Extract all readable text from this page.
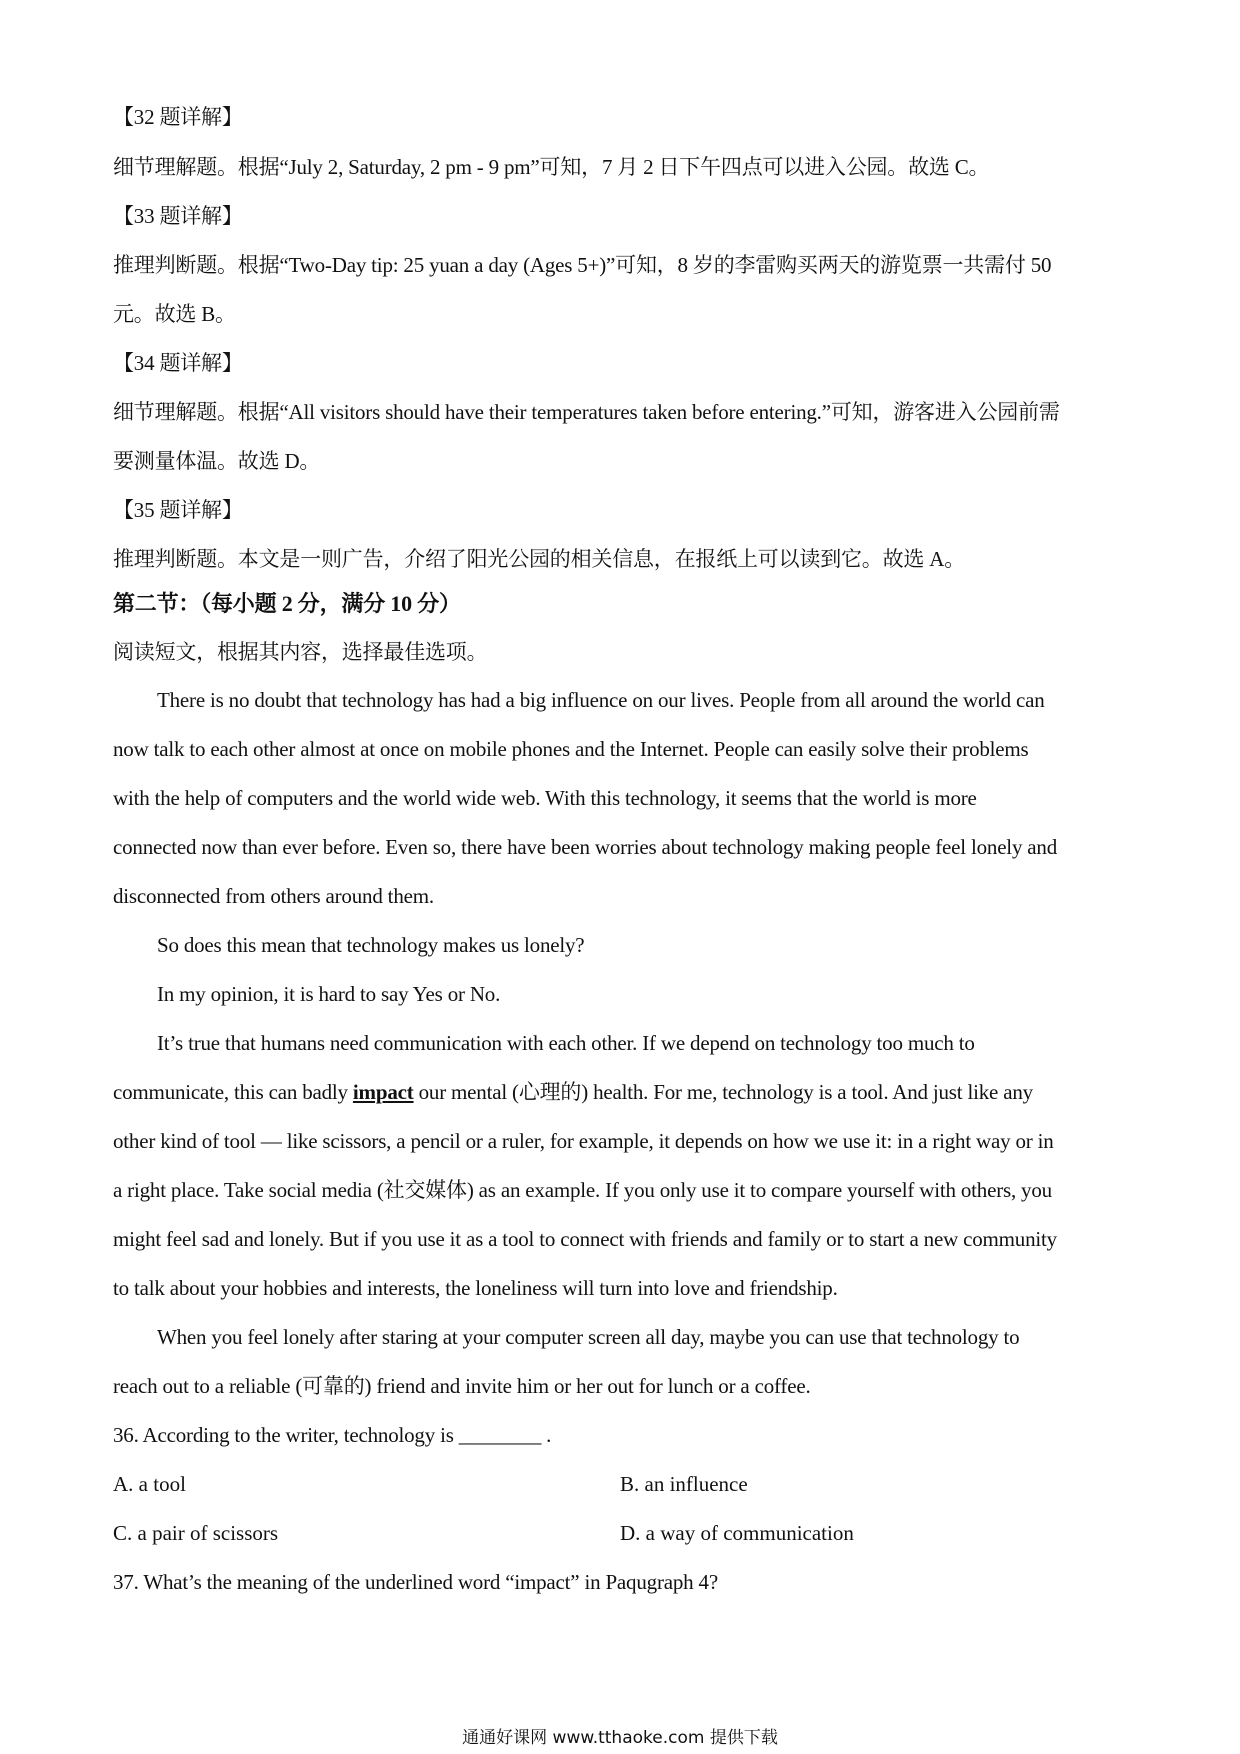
【32 题详解】
细节理解题。根据“July 2, Saturday, 2 pm - 9 pm”可知，7 月 2 日下午四点可以进入公园。故选 C。
【33 题详解】
推理判断题。根据“Two-Day tip: 25 yuan a day (Ages 5+)”可知，8 岁的李雷购买两天的游览票一共需付 50
元。故选 B。
【34 题详解】
细节理解题。根据“All visitors should have their temperatures taken before entering.”可知，游客进入公园前需
要测量体温。故选 D。
【35 题详解】
推理判断题。本文是一则广告，介绍了阳光公园的相关信息，在报纸上可以读到它。故选 A。
第二节：（每小题 2 分，满分 10 分）
阅读短文，根据其内容，选择最佳选项。
There is no doubt that technology has had a big influence on our lives. People from all around the world can
now talk to each other almost at once on mobile phones and the Internet. People can easily solve their problems
with the help of computers and the world wide web. With this technology, it seems that the world is more
connected now than ever before. Even so, there have been worries about technology making people feel lonely and
disconnected from others around them.
So does this mean that technology makes us lonely?
In my opinion, it is hard to say Yes or No.
It’s true that humans need communication with each other. If we depend on technology too much to
communicate, this can badly impact our mental (心理的) health. For me, technology is a tool. And just like any
other kind of tool — like scissors, a pencil or a ruler, for example, it depends on how we use it: in a right way or in
a right place. Take social media (社交媒体) as an example. If you only use it to compare yourself with others, you
might feel sad and lonely. But if you use it as a tool to connect with friends and family or to start a new community
to talk about your hobbies and interests, the loneliness will turn into love and friendship.
When you feel lonely after staring at your computer screen all day, maybe you can use that technology to
reach out to a reliable (可靠的) friend and invite him or her out for lunch or a coffee.
36. According to the writer, technology is ________ .
A. a tool	B. an influence
C. a pair of scissors	D. a way of communication
37. What’s the meaning of the underlined word “impact” in Paqugraph 4?
通通好课网 www.tthaoke.com 提供下载
